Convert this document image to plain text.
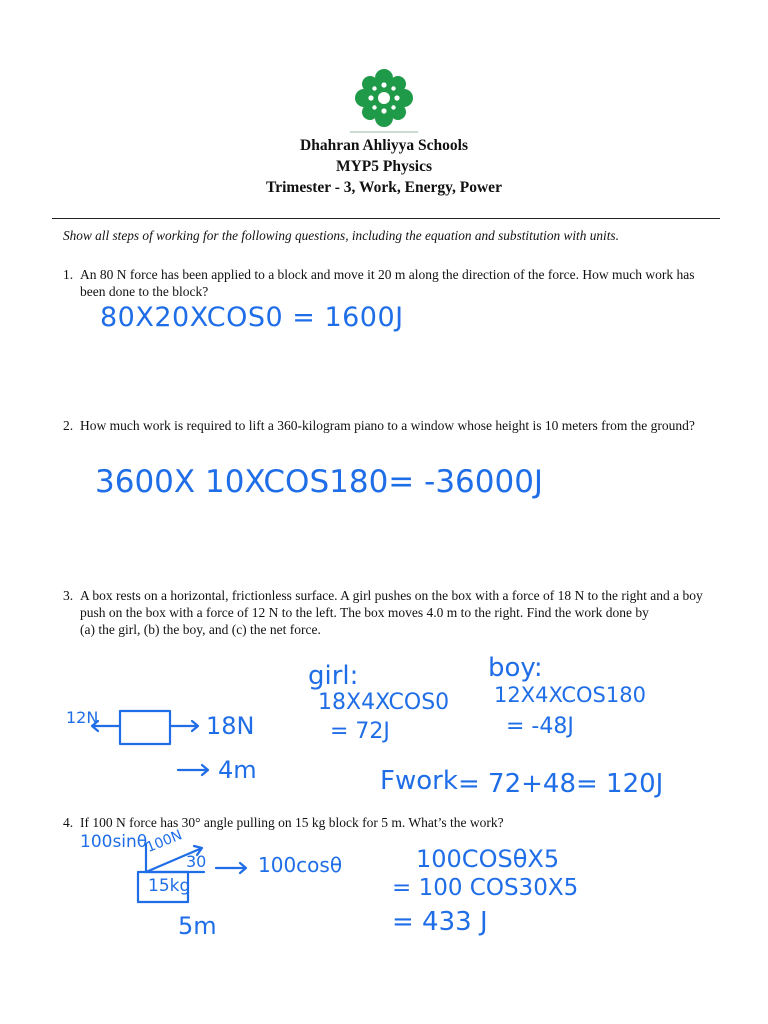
Dhahran Ahliyya Schools
MYP5 Physics
Trimester - 3, Work, Energy, Power
Show all steps of working for the following questions, including the equation and substitution with units.
1. An 80 N force has been applied to a block and move it 20 m along the direction of the force. How much work has been done to the block?
80X20XCOS0 = 1600J
2. How much work is required to lift a 360-kilogram piano to a window whose height is 10 meters from the ground?
3600X 10XCOS180= -36000J
3. A box rests on a horizontal, frictionless surface. A girl pushes on the box with a force of 18 N to the right and a boy push on the box with a force of 12 N to the left. The box moves 4.0 m to the right. Find the work done by
(a) the girl, (b) the boy, and (c) the net force.
12N	18N
4m
girl:
18X4XCOS0
= 72J
boy:
12X4XCOS180
= -48J
Fwork = 72+48= 120J
4. If 100 N force has 30° angle pulling on 15 kg block for 5 m. What’s the work?
100sinθ
100N
15kg
30	100cosθ
5m
100COSθX5
= 100 COS30X5
= 433 J
